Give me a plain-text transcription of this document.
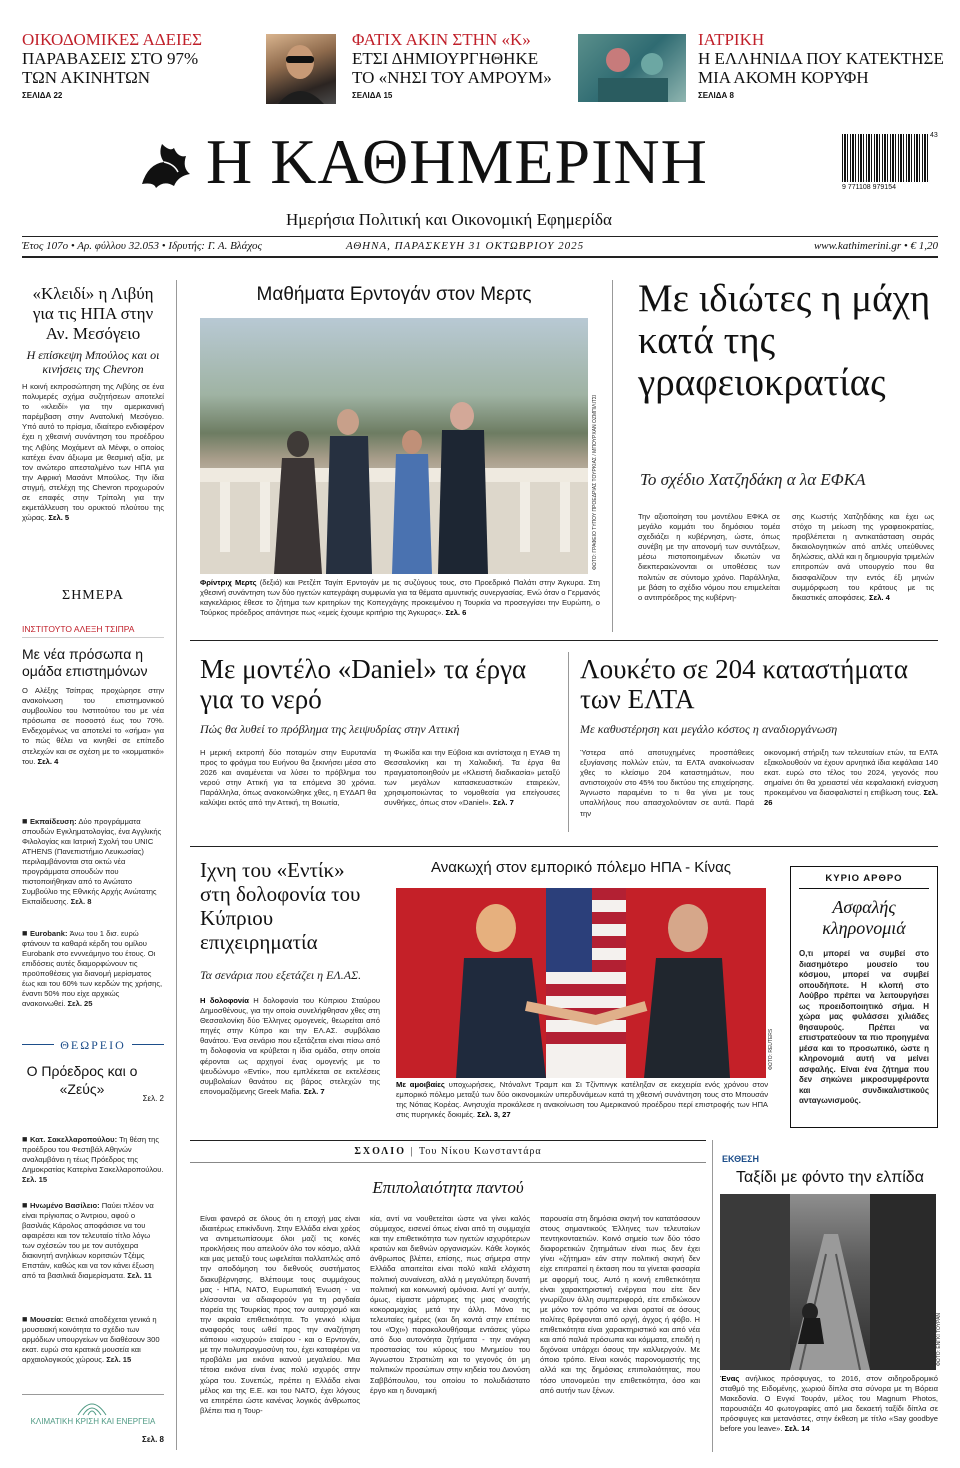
ΟΙΚΟΔΟΜΙΚΕΣ ΑΔΕΙΕΣ
ΠΑΡΑΒΑΣΕΙΣ ΣΤΟ 97%
ΤΩΝ ΑΚΙΝΗΤΩΝ
ΣΕΛΙΔΑ 22
ΦΑΤΙΧ ΑΚΙΝ ΣΤΗΝ «Κ»
ΕΤΣΙ ΔΗΜΙΟΥΡΓΗΘΗΚΕ
ΤΟ «ΝΗΣΙ ΤΟΥ ΑΜΡΟΥΜ»
ΣΕΛΙΔΑ 15
ΙΑΤΡΙΚΗ
Η ΕΛΛΗΝΙΔΑ ΠΟΥ ΚΑΤΕΚΤΗΣΕ
ΜΙΑ ΑΚΟΜΗ ΚΟΡΥΦΗ
ΣΕΛΙΔΑ 8
Η ΚΑΘΗΜΕΡΙΝΗ
Ημερήσια Πολιτική και Οικονομική Εφημερίδα
9 771108 979154
43
Έτος 107ο • Αρ. φύλλου 32.053 • Ιδρυτής: Γ. Α. Βλάχος	ΑΘΗΝΑ, ΠΑΡΑΣΚΕΥΗ 31 ΟΚΤΩΒΡΙΟΥ 2025	www.kathimerini.gr • € 1,20
«Κλειδί» η Λιβύη για τις ΗΠΑ στην Αν. Μεσόγειο
Η επίσκεψη Μπούλος και οι κινήσεις της Chevron
Η κοινή εκπροσώπηση της Λιβύης σε ένα πολυμερές σχήμα συζητήσεων αποτελεί το «κλειδί» για την αμερικανική παρέμβαση στην Ανατολική Μεσόγειο. Υπό αυτό το πρίσμα, ιδιαίτερο ενδιαφέρον έχει η χθεσινή συνάντηση του προέδρου της Λιβύης Μοχάμεντ αλ Μένφι, ο οποίος κατέχει έναν άξιωμα με θεσμική αξία, με τον ανώτερο απεσταλμένο των ΗΠΑ για την Αφρική Μασάντ Μπούλος. Την ίδια στιγμή, στελέχη της Chevron προχωρούν σε επαφές στην Τρίπολη για την εκμετάλλευση του ορυκτού πλούτου της χώρας. Σελ. 5
ΣΗΜΕΡΑ
ΙΝΣΤΙΤΟΥΤΟ ΑΛΕΞΗ ΤΣΙΠΡΑ
Με νέα πρόσωπα η ομάδα επιστημόνων
Ο Αλέξης Τσίπρας προχώρησε στην ανακοίνωση του επιστημονικού συμβουλίου του Ινστιτούτου του με νέα πρόσωπα σε ποσοστό έως του 70%. Ενδεχομένως να αποτελεί το «σήμα» για το πώς θέλει να κινηθεί σε επίπεδο στελεχών και σε σχέση με το «κομματικό» του. Σελ. 4
■ Εκπαίδευση: Δύο προγράμματα σπουδών Εγκληματολογίας, ένα Αγγλικής Φιλολογίας και Ιατρική Σχολή του UNIC ATHENS (Πανεπιστήμιο Λευκωσίας) περιλαμβάνονται στα οκτώ νέα προγράμματα σπουδών που πιστοποιήθηκαν από το Ανώτατο Συμβούλιο της Εθνικής Αρχής Ανώτατης Εκπαίδευσης. Σελ. 8
■ Eurobank: Άνω του 1 δισ. ευρώ φτάνουν τα καθαρά κέρδη του ομίλου Eurobank στο ενννεάμηνο του έτους. Οι επιδόσεις αυτές διαμορφώνουν τις προϋποθέσεις για διανομή μερίσματος έως και του 60% των κερδών της χρήσης, έναντι 50% που είχε αρχικώς ανακοινωθεί. Σελ. 25
ΘΕΩΡΕΙΟ
Ο Πρόεδρος και ο «Ζεύς»
Σελ. 2
■ Κατ. Σακελλαροπούλου: Τη θέση της προέδρου του Φεστιβάλ Αθηνών αναλαμβάνει η τέως Πρόεδρος της Δημοκρατίας Κατερίνα Σακελλαροπούλου. Σελ. 15
■ Ηνωμένο Βασίλειο: Παύει πλέον να είναι πρίγκιπας ο Άντριου, αφού ο βασιλιάς Κάρολος αποφάσισε να του αφαιρέσει και τον τελευταίο τίτλο λόγω των σχέσεών του με τον αυτόχειρα διακινητή ανηλίκων κοριτσιών Τζέιμς Επστάιν, καθώς και να τον κάνει έξωση από τα βασιλικά διαμερίσματα. Σελ. 11
■ Μουσεία: Θετικά αποδέχεται γενικά η μουσειακή κοινότητα το σχέδιο των αρμόδιων υπουργείων να διαθέσουν 300 εκατ. ευρώ στα κρατικά μουσεία και αρχαιολογικούς χώρους. Σελ. 15
ΚΛΙΜΑΤΙΚΗ ΚΡΙΣΗ ΚΑΙ ΕΝΕΡΓΕΙΑ
Σελ. 8
Μαθήματα Ερντογάν στον Μερτς
ΦΩΤΟ: ΓΡΑΦΕΙΟ ΤΥΠΟΥ ΠΡΟΕΔΡΙΑΣ ΤΟΥΡΚΙΑΣ / ΜΠΟΥΡΧΑΝ ΟΖΜΠΙΛΙΤΣΙ
Φρίντριχ Μερτς (δεξιά) και Ρετζέπ Ταγίπ Ερντογάν με τις συζύγους τους, στο Προεδρικό Παλάτι στην Άγκυρα. Στη χθεσινή συνάντηση των δύο ηγετών κατεγράφη συμφωνία για τα θέματα αμυντικής συνεργασίας. Ενώ όταν ο Γερμανός καγκελάριος έθεσε το ζήτημα των κριτηρίων της Κοπεγχάγης προκειμένου η Τουρκία να προσεγγίσει την Ευρώπη, ο Τούρκος πρόεδρος απάντησε πως «εμείς έχουμε κριτήριο της Άγκυρας». Σελ. 6
Με ιδιώτες η μάχη κατά της γραφειοκρατίας
Το σχέδιο Χατζηδάκη α λα ΕΦΚΑ
Την αξιοποίηση του μοντέλου ΕΦΚΑ σε μεγάλο κομμάτι του δημόσιου τομέα σχεδιάζει η κυβέρνηση, ώστε, όπως συνέβη με την απονομή των συντάξεων, μέσω πιστοποιημένων ιδιωτών να διεκπεραιώνονται οι υποθέσεις των πολιτών σε σύντομο χρόνο. Παράλληλα, με βάση το σχέδιο νόμου που επιμελείται ο αντιπρόεδρος της κυβέρνη-
σης Κωστής Χατζηδάκης και έχει ως στόχο τη μείωση της γραφειοκρατίας, προβλέπεται η αντικατάσταση σειράς δικαιολογητικών από απλές υπεύθυνες δηλώσεις, αλλά και η δημιουργία τριμελών επιτροπών ανά υπουργείο που θα διασφαλίζουν την εντός έξι μηνών συμμόρφωση του κράτους με τις δικαστικές αποφάσεις. Σελ. 4
Με μοντέλο «Daniel» τα έργα για το νερό
Πώς θα λυθεί το πρόβλημα της λειψυδρίας στην Αττική
Η μερική εκτροπή δύο ποταμών στην Ευρυτανία προς το φράγμα του Ευήνου θα ξεκινήσει μέσα στο 2026 και αναμένεται να λύσει το πρόβλημα του νερού στην Αττική για τα επόμενα 30 χρόνια. Παράλληλα, όπως ανακοινώθηκε χθες, η ΕΥΔΑΠ θα καλύψει εκτός από την Αττική, τη Βοιωτία,
τη Φωκίδα και την Εύβοια και αντίστοιχα η ΕΥΑΘ τη Θεσσαλονίκη και τη Χαλκιδική. Τα έργα θα πραγματοποιηθούν με «Κλειστή διαδικασία» μεταξύ των μεγάλων κατασκευαστικών εταιρειών, χρησιμοποιώντας το νομοθεσία για επείγουσες συνθήκες, όπως στον «Daniel». Σελ. 7
Λουκέτο σε 204 καταστήματα των ΕΛΤΑ
Με καθυστέρηση και μεγάλο κόστος η αναδιοργάνωση
Ύστερα από αποτυχημένες προσπάθειες εξυγίανσης πολλών ετών, τα ΕΛΤΑ ανακοίνωσαν χθες το κλείσιμο 204 καταστημάτων, που αντιστοιχούν στο 45% του δικτύου της επιχείρησης. Άγνωστο παραμένει το τι θα γίνει με τους υπαλλήλους που απασχολούνταν σε αυτά. Παρά την
οικονομική στήριξη των τελευταίων ετών, τα ΕΛΤΑ εξακολουθούν να έχουν αρνητικά ίδια κεφάλαια 140 εκατ. ευρώ στο τέλος του 2024, γεγονός που σημαίνει ότι θα χρειαστεί νέα κεφαλαιακή ενίσχυση προκειμένου να διασφαλιστεί η επιβίωση τους. Σελ. 26
Ιχνη του «Εντίκ» στη δολοφονία του Κύπριου επιχειρηματία
Τα σενάρια που εξετάζει η ΕΛ.ΑΣ.
Η δολοφονία Η δολοφονία του Κύπριου Σταύρου Δημοσθένους, για την οποία συνελήφθησαν χθες στη Θεσσαλονίκη δύο Έλληνες ομογενείς, θεωρείται από πηγές στην Κύπρο και την ΕΛ.ΑΣ. συμβόλαιο θανάτου. Ένα σενάριο που εξετάζεται είναι πίσω από τη δολοφονία να κρύβεται η ίδια ομάδα, στην οποία φέρονται ως αρχηγοί ένας ομογενής με το ψευδώνυμο «Εντίκ», που εμπλέκεται σε εκτελέσεις συμβολαίων θανάτου εις βάρος στελεχών της επονομαζόμενης Greek Mafia. Σελ. 7
Ανακωχή στον εμπορικό πόλεμο ΗΠΑ - Κίνας
ΦΩΤΟ: REUTERS
Με αμοιβαίες υποχωρήσεις, Ντόναλντ Τραμπ και Σι Τζίνπινγκ κατέληξαν σε εκεχειρία ενός χρόνου στον εμπορικό πόλεμο μεταξύ των δύο οικονομικών υπερδυνάμεων κατά τη χθεσινή συνάντηση τους στο Μπουσάν της Νότιας Κορέας. Ανησυχία προκάλεσε η ανακοίνωση του Αμερικανού προέδρου περί επιστροφής των ΗΠΑ στις πυρηνικές δοκιμές. Σελ. 3, 27
ΚΥΡΙΟ ΑΡΘΡΟ
Ασφαλής κληρονομιά
Ο,τι μπορεί να συμβεί στο διασημότερο μουσείο του κόσμου, μπορεί να συμβεί οπουδήποτε. Η κλοπή στο Λούβρο πρέπει να λειτουργήσει ως προειδοποιητικό σήμα. Η χώρα μας φυλάσσει χιλιάδες θησαυρούς. Πρέπει να επιστρατεύουν τα πιο προηγμένα μέσα και το προσωπικό, ώστε η κληρονομιά αυτή να μείνει ασφαλής. Είναι ένα ζήτημα που δεν σηκώνει μικροσυμφέροντα και συνδικαλιστικούς ανταγωνισμούς.
ΣΧΟΛΙΟ | Του Νίκου Κωνσταντάρα
Επιπολαιότητα παντού
Είναι φανερό σε όλους ότι η εποχή μας είναι ιδιαιτέρως επικίνδυνη. Στην Ελλάδα είναι χρέος να αντιμετωπίσουμε όλοι μαζί τις κοινές προκλήσεις που απειλούν όλο τον κόσμο, αλλά και μας μεταξύ τους ωφελείται πολλαπλώς από την αποδόμηση του διεθνούς συστήματος διακυβέρνησης. Βλέπουμε τους συμμάχους μας - ΗΠΑ, ΝΑΤΟ, Ευρωπαϊκή Ένωση - να ελίσσονται να αδιαφορούν για τη ραγδαία πορεία της Τουρκίας προς τον αυταρχισμό και την ακραία επιθετικότητα. Το γενικό κλίμα αναφοράς τους ωθεί προς την αναζήτηση κάποιου «ισχυρού» εταίρου - και ο Ερντογάν, με την πολυπραγμοσύνη του, έχει καταφέρει να προβάλει μια εικόνα ικανού μεγαλείου. Μια τέτοια εικόνα είναι ένας πολύ ισχυρός στην χώρα του. Συνεπώς, πρέπει η Ελλάδα είναι μέλος και της Ε.Ε. και του ΝΑΤΟ, έχει λόγους να επιτρέπει ώστε κανένας λογικός άνθρωπος βλέπει πια η Τουρ-
κία, αντί να νουθετείται ώστε να γίνει καλός σύμμαχος, εισενεί όπως είναι από τη συμμαχία και την επιθετικότητα των ηγετών ισχυρότερων κρατών και διεθνών οργανισμών. Κάθε λογικός άνθρωπος βλέπει, επίσης, πως σήμερα στην Ελλάδα απαιτείται είναι πολύ καλά ελάχιστη πολιτική συναίνεση, αλλά η μεγαλύτερη δυνατή πολιτική και κοινωνική ομόνοια. Αντί γι' αυτήν, όμως, είμαστε μάρτυρες της μιας ανοιχτής κοκοραμαχίας μετά την άλλη. Μόνο τις τελευταίες ημέρες (και δη κοντά στην επέτειο του «Όχι») παρακολουθήσαμε εντάσεις γύρω από δυο αυτονόητα ζητήματα - την ανάγκη προστασίας του κύρους του Μνημείου του Άγνωστου Στρατιώτη και το γεγονός ότι μη πολιτικών προσώπων στην κηδεία του Διονύση Σαββόπουλου, του οποίου το πολυδιάστατο έργο και η δυναμική
παρουσία στη δημόσια σκηνή τον κατατάσσουν στους σημαντικούς Έλληνες των τελευταίων πεντηκονταετιών. Κοινό σημείο των δύο τόσο διαφορετικών ζητημάτων είναι πως δεν έχει γίνει «ζήτημα» εάν στην πολιτική σκηνή δεν είχε επιτραπεί η έκταση που τα γίνεται φασαρία με αφορμή τους. Αυτό η κοινή επιθετικότητα είναι χαρακτηριστική ενέργεια που είτε δεν γνωρίζουν άλλη συμπεριφορά, είτε επιδιώκουν με μόνο τον τρόπο να είναι ορατοί σε όσους πολίτες θρέφονται από οργή, άγχος ή φόβο. Η επιθετικότητα είναι χαρακτηριστικό και από νέα και από παλιά πρόσωπα και κόμματα, επειδή η διχόνοια υπάρχει όσους την καλλιεργούν. Με όποιο τρόπο. Είναι κοινός παρονομαστής της αλλά και της δημόσιας επιπολαιότητας, που τόσο υπονομεύει την επιθετικότητα, όσο και από αυτήν των ξένων.
ΕΚΘΕΣΗ
Ταξίδι με φόντο την ελπίδα
ΦΩΤΟ: ΕΝΓΚΙ ΤΟΥΡΑΝ
Ένας ανήλικος πρόσφυγας, το 2016, στον σιδηροδρομικό σταθμό της Ειδομένης, χωριού δίπλα στα σύνορα με τη Βόρεια Μακεδονία. Ο Ενγκί Τουράν, μέλος του Magnum Photos, παρουσιάζει 40 φωτογραφίες από μια δεκαετή ταξίδι δίπλα σε πρόσφυγες και μετανάστες, στην έκθεση με τίτλο «Say goodbye before you leave». Σελ. 14
